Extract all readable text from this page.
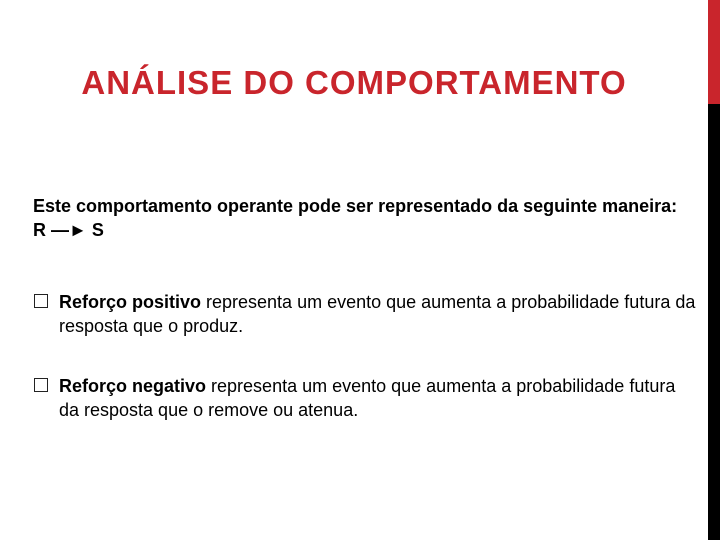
ANÁLISE DO COMPORTAMENTO

Este comportamento operante pode ser representado da seguinte maneira: R —► S

Reforço positivo representa um evento que aumenta a probabilidade futura da resposta que o produz.
Reforço negativo representa um evento que aumenta a probabilidade futura da resposta que o remove ou atenua.
